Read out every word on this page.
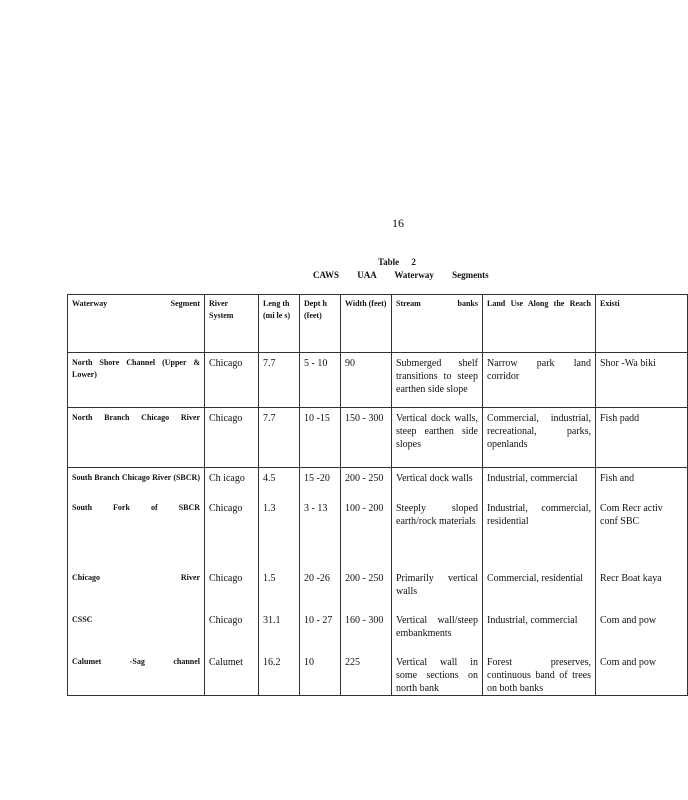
16
Table 2
CAWS UAA Waterway Segments
Waterway Segment	River System	Leng th (mi le s)	Dept h (feet)	Width (feet)	Stream banks	Land Use Along the Reach	Existi
North Shore Channel (Upper & Lower)	Chicago	7.7	5 - 10	90	Submerged shelf transitions to steep earthen side slope	Narrow park land corridor	Shor -Wa biki
North Branch Chicago River	Chicago	7.7	10 -15	150 - 300	Vertical dock walls, steep earthen side slopes	Commercial, industrial, recreational, parks, openlands	Fish padd
South Branch Chicago River (SBCR)	Ch icago	4.5	15 -20	200 - 250	Vertical dock walls	Industrial, commercial	Fish and
South Fork of SBCR	Chicago	1.3	3 - 13	100 - 200	Steeply sloped earth/rock materials	Industrial, commercial, residential	Com Recr activ conf SBC
Chicago River	Chicago	1.5	20 -26	200 - 250	Primarily vertical walls	Commercial, residential	Recr Boat kaya
CSSC	Chicago	31.1	10 - 27	160 - 300	Vertical wall/steep embankments	Industrial, commercial	Com and pow
Calumet -Sag channel	Calumet	16.2	10	225	Vertical wall in some sections on north bank	Forest preserves, continuous band of trees on both banks	Com and pow
